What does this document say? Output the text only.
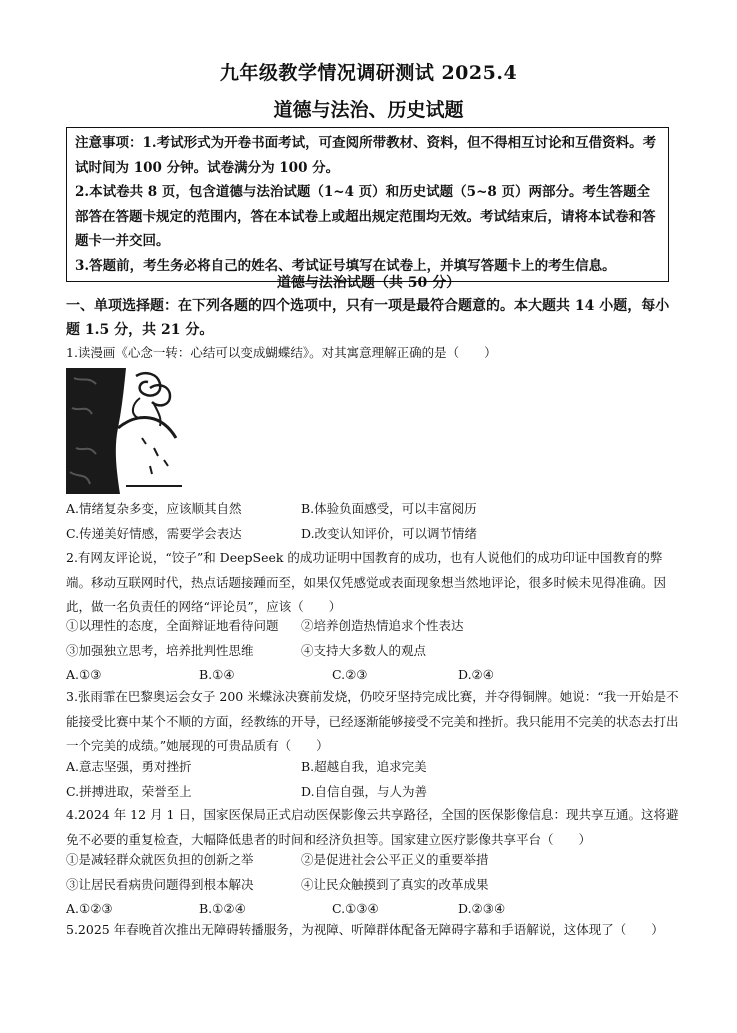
九年级教学情况调研测试 2025.4
道德与法治、历史试题

注意事项：1.考试形式为开卷书面考试，可查阅所带教材、资料，但不得相互讨论和互借资料。考试时间为 100 分钟。试卷满分为 100 分。

2.本试卷共 8 页，包含道德与法治试题（1~4 页）和历史试题（5~8 页）两部分。考生答题全部答在答题卡规定的范围内，答在本试卷上或超出规定范围均无效。考试结束后，请将本试卷和答题卡一并交回。

3.答题前，考生务必将自己的姓名、考试证号填写在试卷上，并填写答题卡上的考生信息。

道德与法治试题（共 50 分）
一、单项选择题：在下列各题的四个选项中，只有一项是最符合题意的。本大题共 14 小题，每小题 1.5 分，共 21 分。
1.读漫画《心念一转：心结可以变成蝴蝶结》。对其寓意理解正确的是（　　）
A.情绪复杂多变，应该顺其自然	B.体验负面感受，可以丰富阅历
C.传递美好情感，需要学会表达	D.改变认知评价，可以调节情绪
2.有网友评论说，“饺子”和 DeepSeek 的成功证明中国教育的成功，也有人说他们的成功印证中国教育的弊端。移动互联网时代，热点话题接踵而至，如果仅凭感觉或表面现象想当然地评论，很多时候未见得准确。因此，做一名负责任的网络“评论员”，应该（　　）
①以理性的态度，全面辩证地看待问题 ②培养创造热情追求个性表达
③加强独立思考，培养批判性思维	④支持大多数人的观点
A.①③	B.①④	C.②③	D.②④
3.张雨霏在巴黎奥运会女子 200 米蝶泳决赛前发烧，仍咬牙坚持完成比赛，并夺得铜牌。她说：“我一开始是不能接受比赛中某个不顺的方面，经教练的开导，已经逐渐能够接受不完美和挫折。我只能用不完美的状态去打出一个完美的成绩。”她展现的可贵品质有（　　）
A.意志坚强，勇对挫折	B.超越自我，追求完美
C.拼搏进取，荣誉至上	D.自信自强，与人为善
4.2024 年 12 月 1 日，国家医保局正式启动医保影像云共享路径，全国的医保影像信息：现共享互通。这将避免不必要的重复检查，大幅降低患者的时间和经济负担等。国家建立医疗影像共享平台（　　）
①是减轻群众就医负担的创新之举	②是促进社会公平正义的重要举措
③让居民看病贵问题得到根本解决	④让民众触摸到了真实的改革成果
A.①②③	B.①②④	C.①③④	D.②③④
5.2025 年春晚首次推出无障碍转播服务，为视障、听障群体配备无障碍字幕和手语解说，这体现了（　　）
